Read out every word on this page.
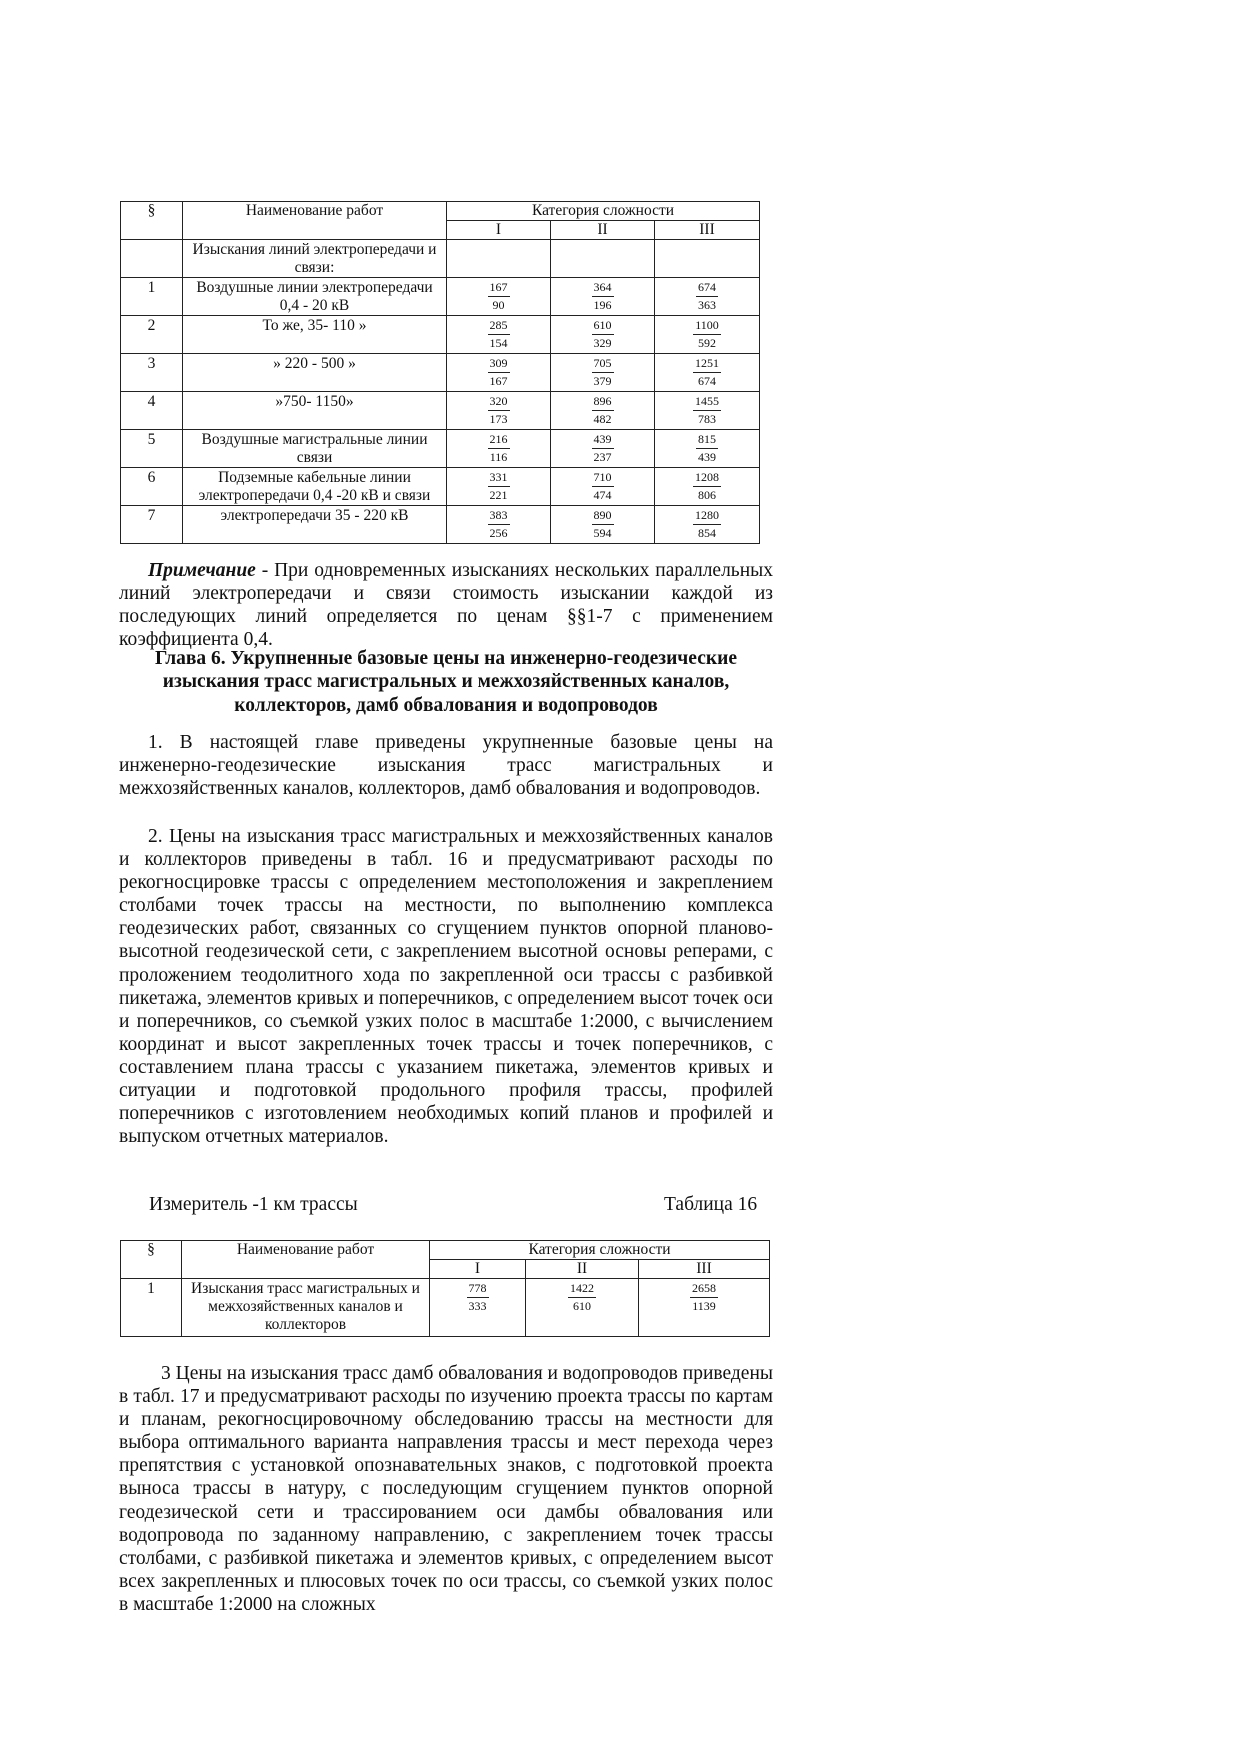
§	Наименование работ	Категория сложности		
		I	II	III
	Изыскания линий электропередачи и связи:			
1	Воздушные линии электропередачи 0,4 - 20 кВ	$\frac{167}{90}$	$\frac{364}{196}$	$\frac{674}{363}$

2	То же, 35- 110 »	$\frac{285}{154}$	$\frac{610}{329}$	$\frac{1100}{592}$

3	» 220 - 500 »	$\frac{309}{167}$	$\frac{705}{379}$	$\frac{1251}{674}$

4	»750- 1150»	$\frac{320}{173}$	$\frac{896}{482}$	$\frac{1455}{783}$

5	Воздушные магистральные линии связи	$\frac{216}{116}$	$\frac{439}{237}$	$\frac{815}{439}$

6	Подземные кабельные линии электропередачи 0,4 -20 кВ и связи	$\frac{331}{221}$	$\frac{710}{474}$	$\frac{1208}{806}$

7	электропередачи 35 - 220 кВ	$\frac{383}{256}$	$\frac{890}{594}$	$\frac{1280}{854}$

Примечание - При одновременных изысканиях нескольких параллельных линий электропередачи и связи стоимость изыскании каждой из последующих линий определяется по ценам §§1-7 с применением коэффициента 0,4.

Глава 6. Укрупненные базовые цены на инженерно-геодезические изыскания трасс магистральных и межхозяйственных каналов, коллекторов, дамб обвалования и водопроводов

1. В настоящей главе приведены укрупненные базовые цены на инженерно-геодезические изыскания трасс магистральных и межхозяйственных каналов, коллекторов, дамб обвалования и водопроводов.

2. Цены на изыскания трасс магистральных и межхозяйственных каналов и коллекторов приведены в табл. 16 и предусматривают расходы по рекогносцировке трассы с определением местоположения и закреплением столбами точек трассы на местности, по выполнению комплекса геодезических работ, связанных со сгущением пунктов опорной планово-высотной геодезической сети, с закреплением высотной основы реперами, с проложением теодолитного хода по закрепленной оси трассы с разбивкой пикетажа, элементов кривых и поперечников, с определением высот точек оси и поперечников, со съемкой узких полос в масштабе 1:2000, с вычислением координат и высот закрепленных точек трассы и точек поперечников, с составлением плана трассы с указанием пикетажа, элементов кривых и ситуации и подготовкой продольного профиля трассы, профилей поперечников с изготовлением необходимых копий планов и профилей и выпуском отчетных материалов.

Измеритель -1 км трассы	Таблица 16
§	Наименование работ	Категория сложности		
		I	II	III
1	Изыскания трасс магистральных и межхозяйственных каналов и коллекторов	$\frac{778}{333}$	$\frac{1422}{610}$	$\frac{2658}{1139}$

3 Цены на изыскания трасс дамб обвалования и водопроводов приведены в табл. 17 и предусматривают расходы по изучению проекта трассы по картам и планам, рекогносцировочному обследованию трассы на местности для выбора оптимального варианта направления трассы и мест перехода через препятствия с установкой опознавательных знаков, с подготовкой проекта выноса трассы в натуру, с последующим сгущением пунктов опорной геодезической сети и трассированием оси дамбы обвалования или водопровода по заданному направлению, с закреплением точек трассы столбами, с разбивкой пикетажа и элементов кривых, с определением высот всех закрепленных и плюсовых точек по оси трассы, со съемкой узких полос в масштабе 1:2000 на сложных
